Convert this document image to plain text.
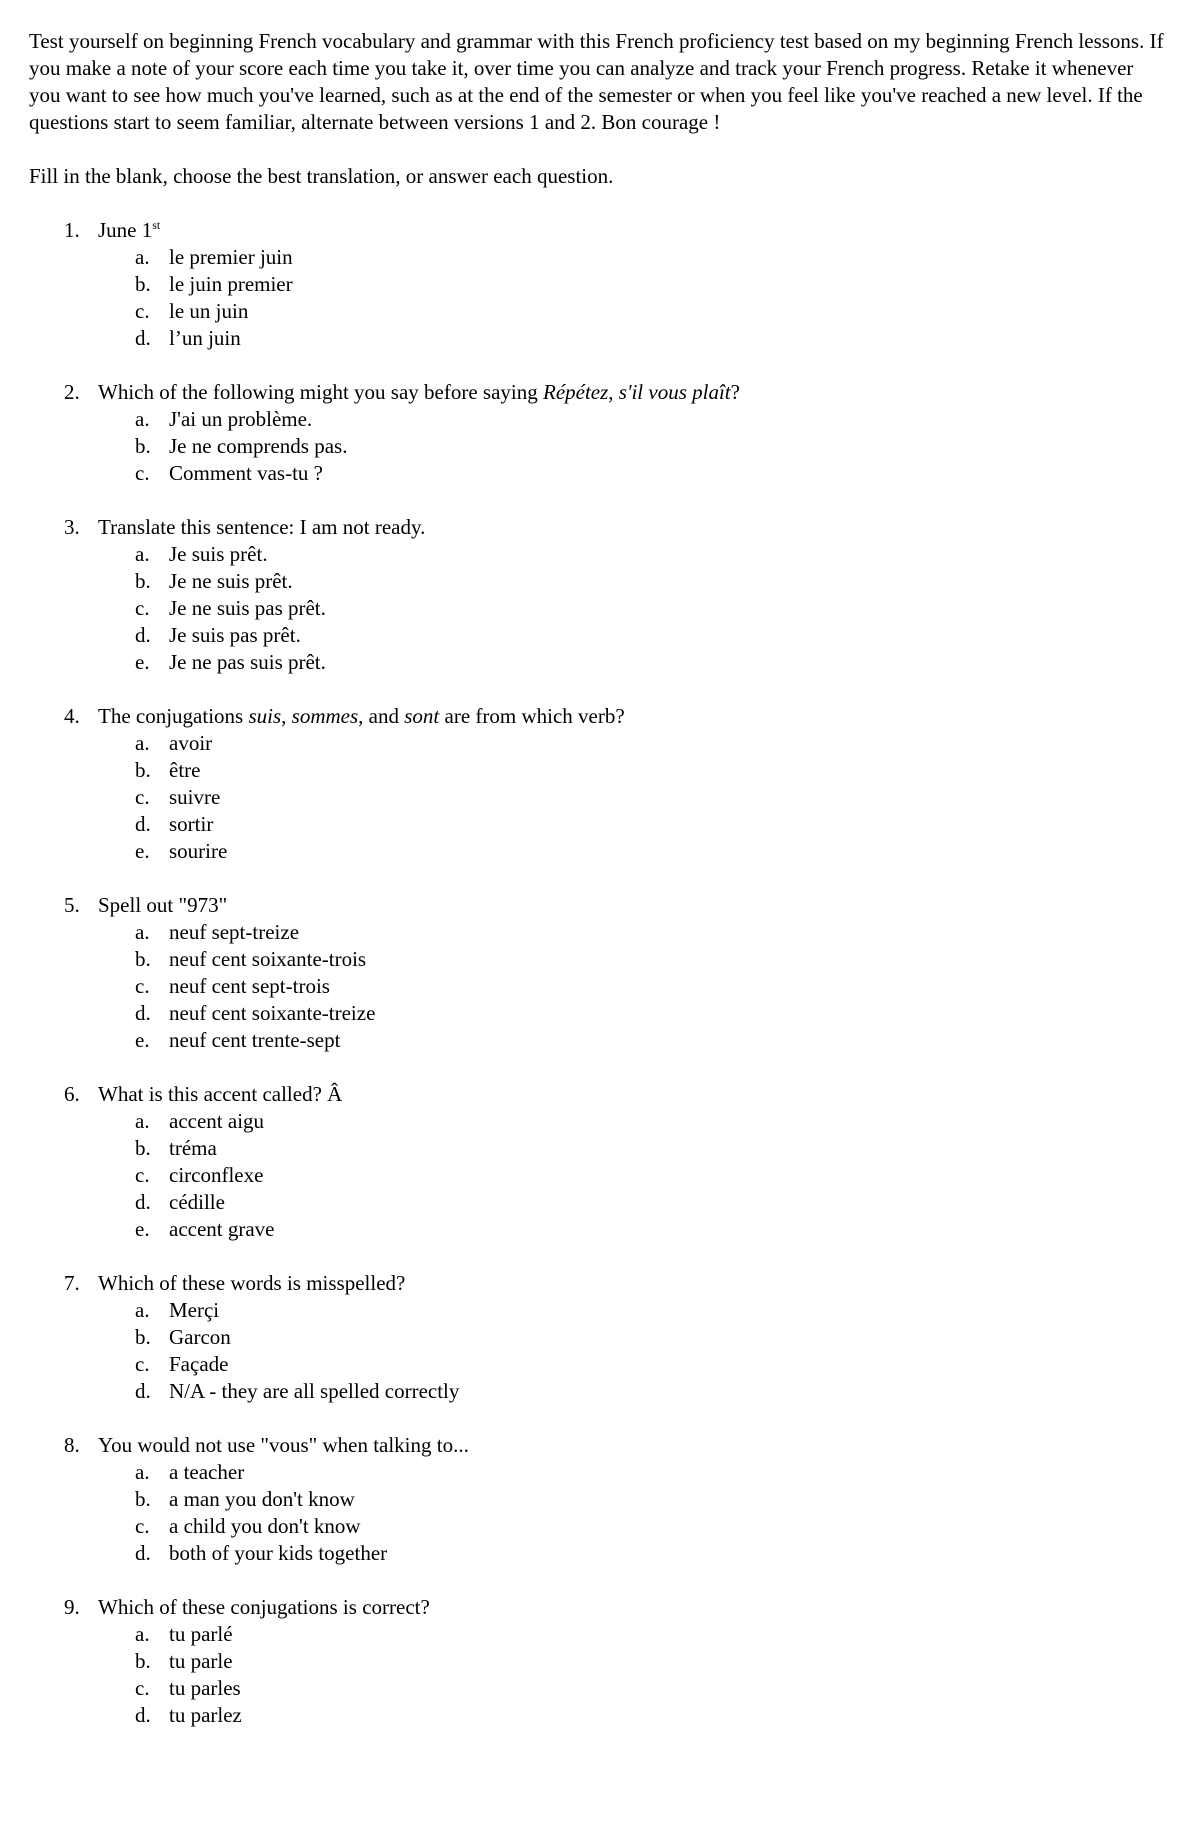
Test yourself on beginning French vocabulary and grammar with this French proficiency test based on my beginning French lessons. If you make a note of your score each time you take it, over time you can analyze and track your French progress. Retake it whenever you want to see how much you've learned, such as at the end of the semester or when you feel like you've reached a new level. If the questions start to seem familiar, alternate between versions 1 and 2. Bon courage !

Fill in the blank, choose the best translation, or answer each question.

1. June 1st
a. le premier juin
b. le juin premier
c. le un juin
d. l’un juin
2. Which of the following might you say before saying Répétez, s'il vous plaît?
a. J'ai un problème.
b. Je ne comprends pas.
c. Comment vas-tu ?
3. Translate this sentence: I am not ready.
a. Je suis prêt.
b. Je ne suis prêt.
c. Je ne suis pas prêt.
d. Je suis pas prêt.
e. Je ne pas suis prêt.
4. The conjugations suis, sommes, and sont are from which verb?
a. avoir
b. être
c. suivre
d. sortir
e. sourire
5. Spell out "973"
a. neuf sept-treize
b. neuf cent soixante-trois
c. neuf cent sept-trois
d. neuf cent soixante-treize
e. neuf cent trente-sept
6. What is this accent called? Â
a. accent aigu
b. tréma
c. circonflexe
d. cédille
e. accent grave
7. Which of these words is misspelled?
a. Merçi
b. Garcon
c. Façade
d. N/A - they are all spelled correctly
8. You would not use "vous" when talking to...
a. a teacher
b. a man you don't know
c. a child you don't know
d. both of your kids together
9. Which of these conjugations is correct?
a. tu parlé
b. tu parle
c. tu parles
d. tu parlez
